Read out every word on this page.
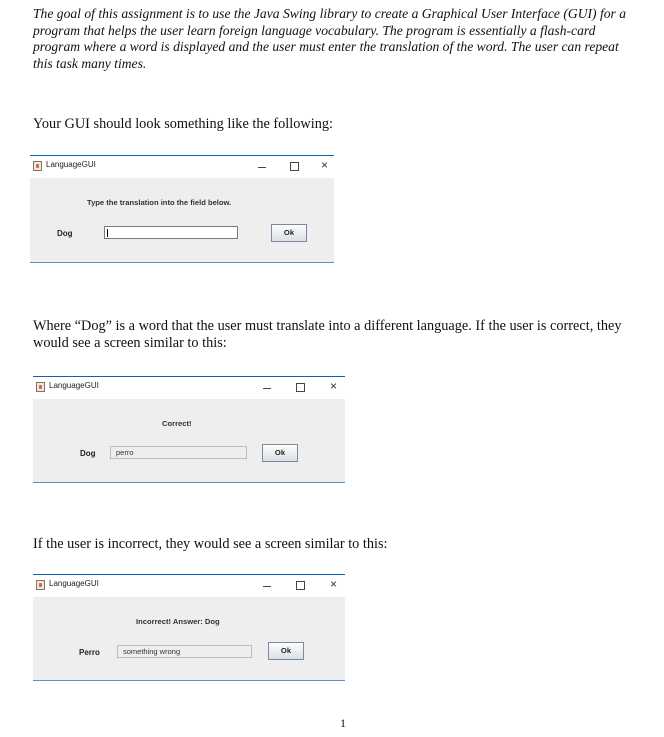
The goal of this assignment is to use the Java Swing library to create a Graphical User Interface (GUI) for a program that helps the user learn foreign language vocabulary. The program is essentially a flash-card program where a word is displayed and the user must enter the translation of the word. The user can repeat this task many times.
Your GUI should look something like the following:
LanguageGUI	×
Type the translation into the field below.
Dog	Ok
Where “Dog” is a word that the user must translate into a different language. If the user is correct, they would see a screen similar to this:
LanguageGUI	×
Correct!
Dog	perro	Ok
If the user is incorrect, they would see a screen similar to this:
LanguageGUI	×
Incorrect! Answer: Dog
Perro	something wrong	Ok
1
